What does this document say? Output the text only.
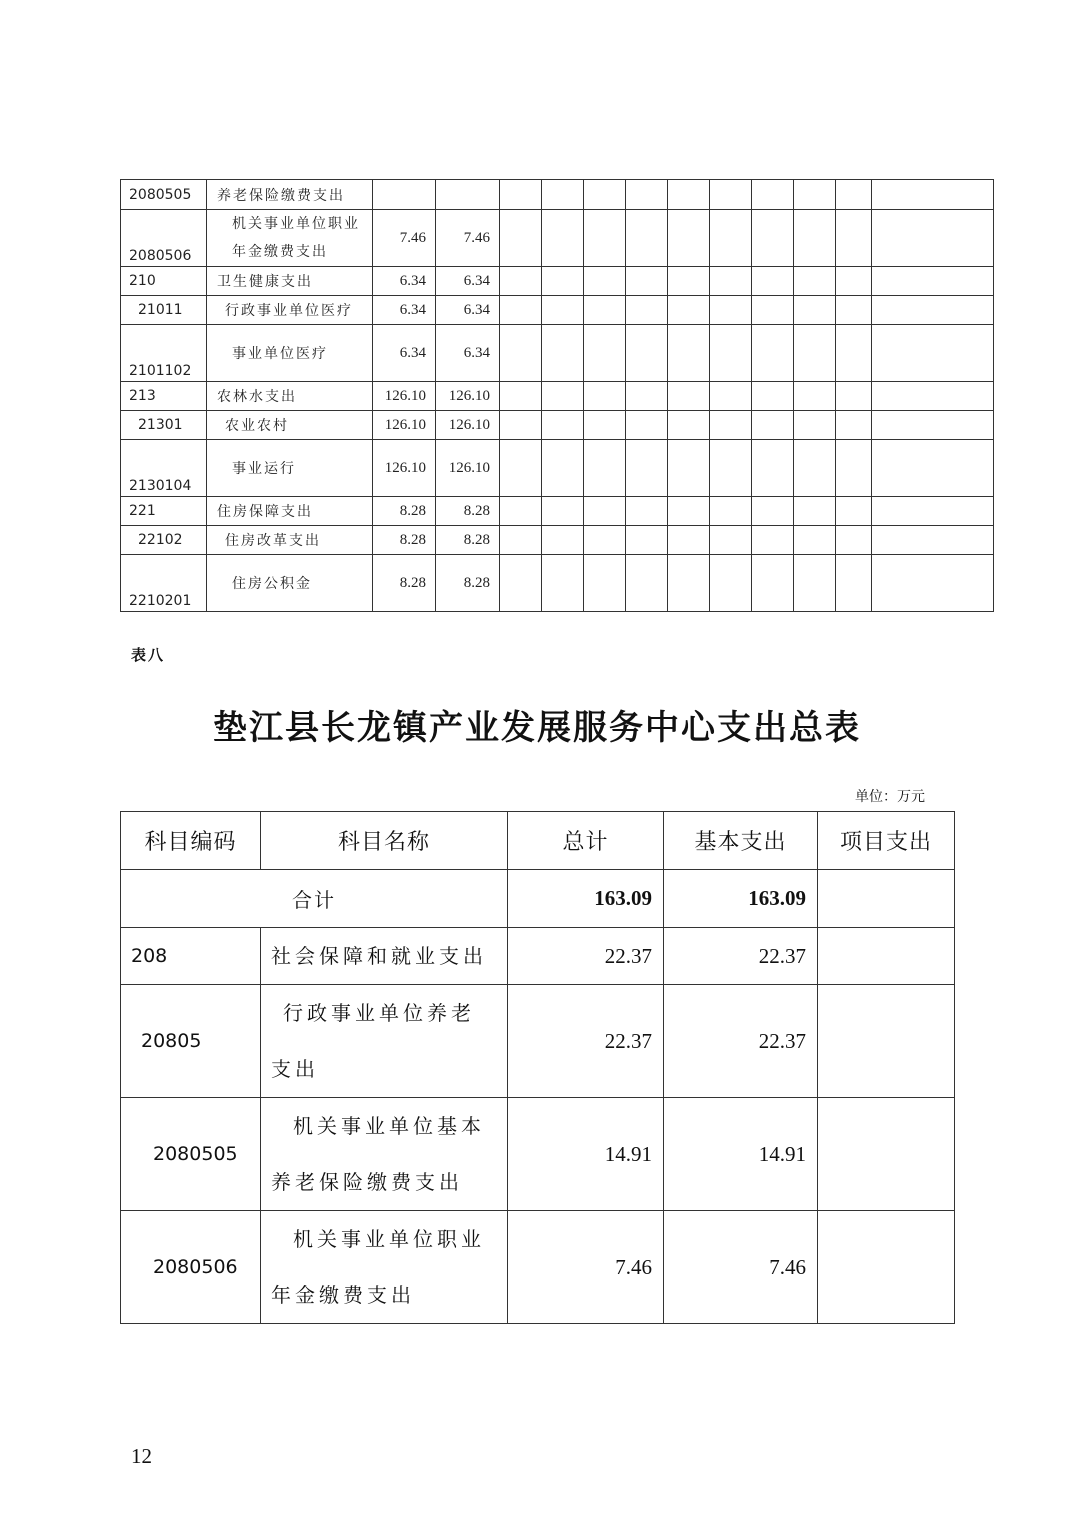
2080505	养老保险缴费支出												
2080506	机关事业单位职业年金缴费支出	7.46	7.46										
210	卫生健康支出	6.34	6.34										
21011	行政事业单位医疗	6.34	6.34										
2101102	事业单位医疗	6.34	6.34										
213	农林水支出	126.10	126.10										
21301	农业农村	126.10	126.10										
2130104	事业运行	126.10	126.10										
221	住房保障支出	8.28	8.28										
22102	住房改革支出	8.28	8.28										
2210201	住房公积金	8.28	8.28										
表八
垫江县长龙镇产业发展服务中心支出总表
单位：万元
科目编码	科目名称	总计	基本支出	项目支出
合计		163.09	163.09	
208	社会保障和就业支出	22.37	22.37	
20805	行政事业单位养老支出	22.37	22.37	
2080505	机关事业单位基本养老保险缴费支出	14.91	14.91	
2080506	机关事业单位职业年金缴费支出	7.46	7.46	
12
